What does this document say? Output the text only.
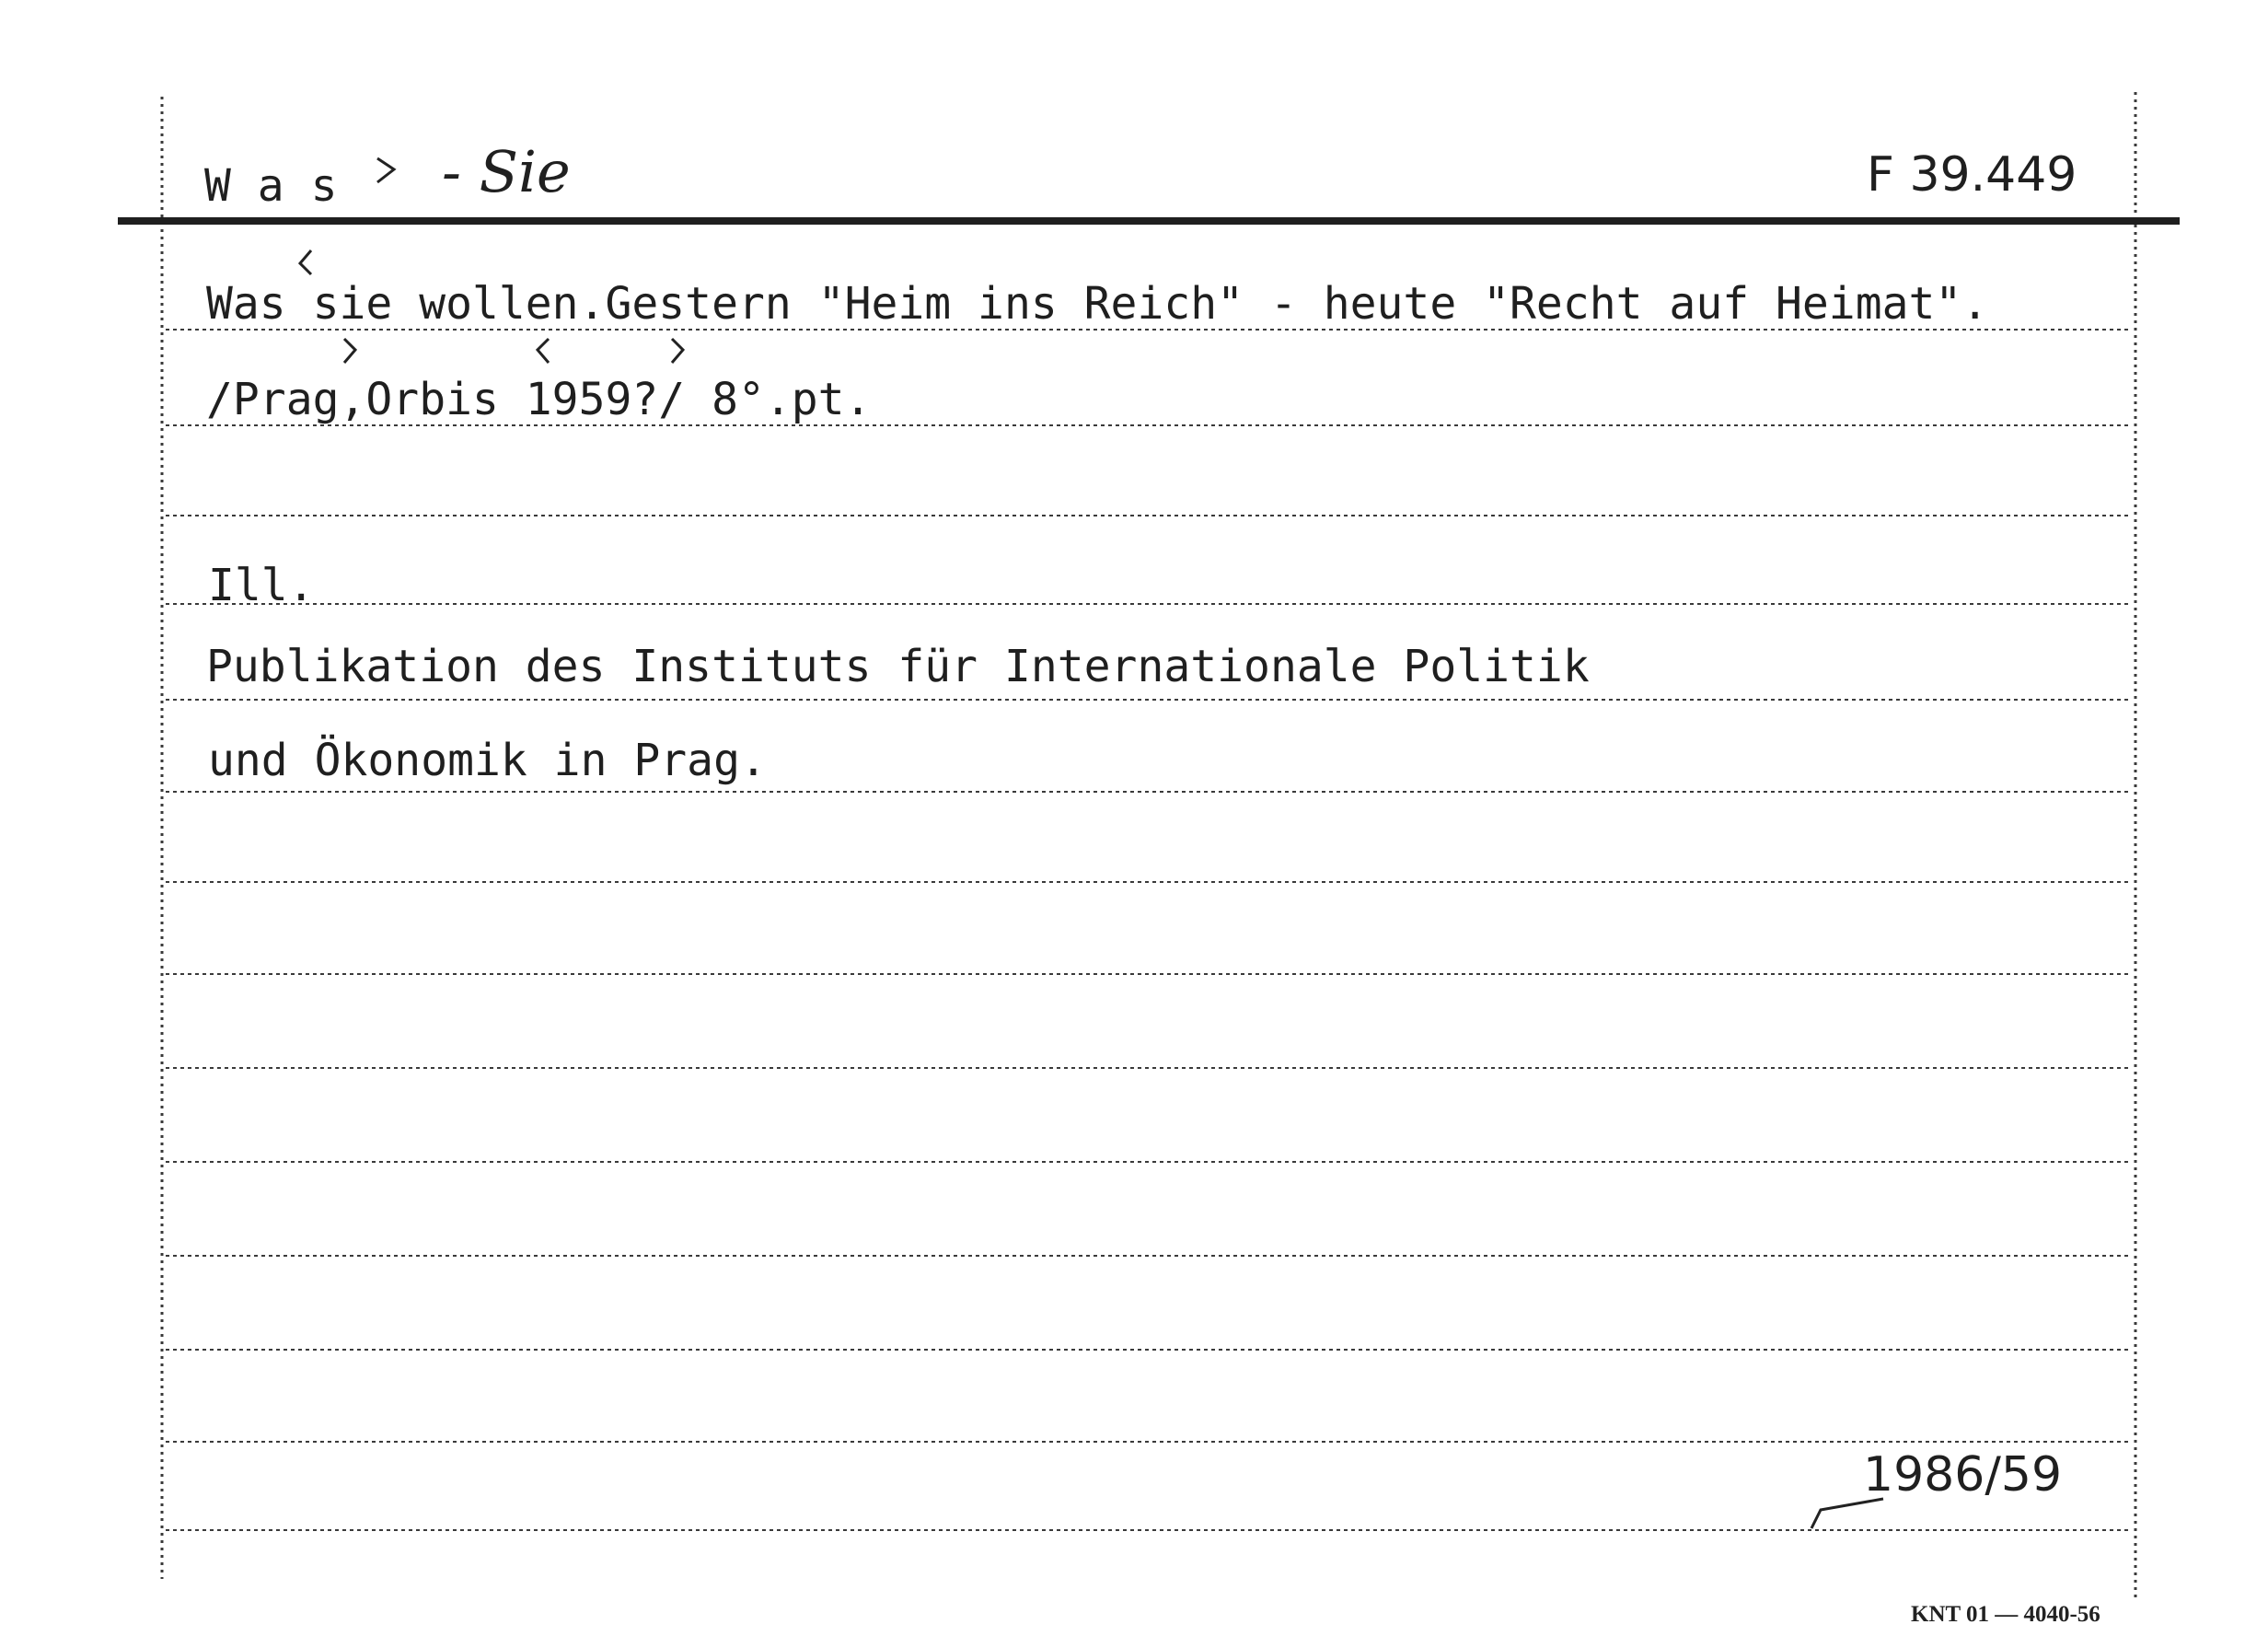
W a s - Sie	F 39.449
Was sie wollen.Gestern "Heim ins Reich" - heute "Recht auf Heimat".
/Prag,Orbis 1959?/ 8°.pt.
Ill.
Publikation des Instituts für Internationale Politik
und Ökonomik in Prag.
1986/59
KNT 01 — 4040-56
